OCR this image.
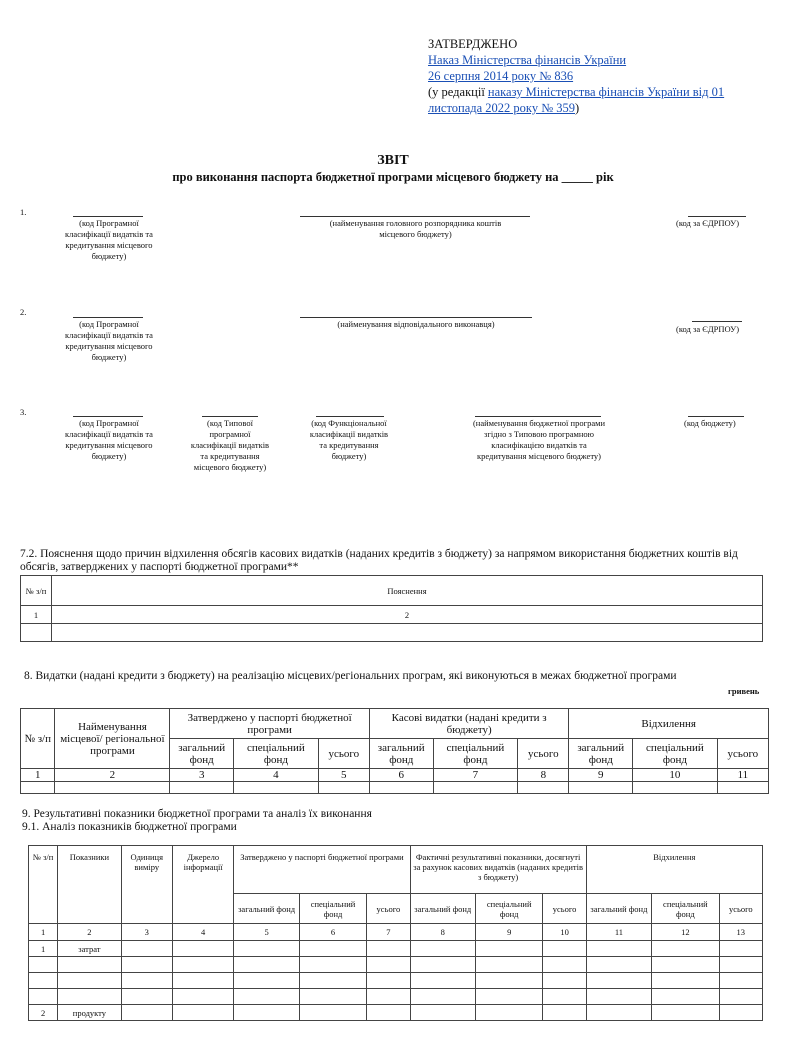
ЗАТВЕРДЖЕНО
Наказ Міністерства фінансів України
26 серпня 2014 року № 836
(у редакції наказу Міністерства фінансів України від 01
листопада 2022 року № 359)
ЗВІТ
про виконання паспорта бюджетної програми місцевого бюджету на _____ рік
1.
(код Програмної класифікації видатків та кредитування місцевого бюджету)
(найменування головного розпорядника коштів місцевого бюджету)
(код за ЄДРПОУ)
2.
(код Програмної класифікації видатків та кредитування місцевого бюджету)
(найменування відповідального виконавця)	(код за ЄДРПОУ)
3.
(код Програмної класифікації видатків та кредитування місцевого бюджету)
(код Типової програмної класифікації видатків та кредитування місцевого бюджету)
(код Функціональної класифікації видатків та кредитування бюджету)
(найменування бюджетної програми згідно з Типовою програмною класифікацією видатків та кредитування місцевого бюджету)
(код бюджету)
7.2. Пояснення щодо причин відхилення обсягів касових видатків (наданих кредитів з бюджету) за напрямом використання бюджетних коштів від обсягів, затверджених у паспорті бюджетної програми**
№ з/п	Пояснення
1	2

8. Видатки (надані кредити з бюджету) на реалізацію місцевих/регіональних програм, які виконуються в межах бюджетної програми
гривень
№ з/п	Найменування місцевої/ регіональної програми	Затверджено у паспорті бюджетної програми			Касові видатки (надані кредити з бюджету)			Відхилення		
		загальний фонд	спеціальний фонд	усього	загальний фонд	спеціальний фонд	усього	загальний фонд	спеціальний фонд	усього
1	2	3	4	5	6	7	8	9	10	11

9. Результативні показники бюджетної програми та аналіз їх виконання
9.1. Аналіз показників бюджетної програми
№ з/п	Показники	Одиниця виміру	Джерело інформації	Затверджено у паспорті бюджетної програми			Фактичні результативні показники, досягнуті за рахунок касових видатків (наданих кредитів з бюджету)			Відхилення		
				загальний фонд	спеціальний фонд	усього	загальний фонд	спеціальний фонд	усього	загальний фонд	спеціальний фонд	усього
1	2	3	4	5	6	7	8	9	10	11	12	13
1	затрат											

2	продукту											
